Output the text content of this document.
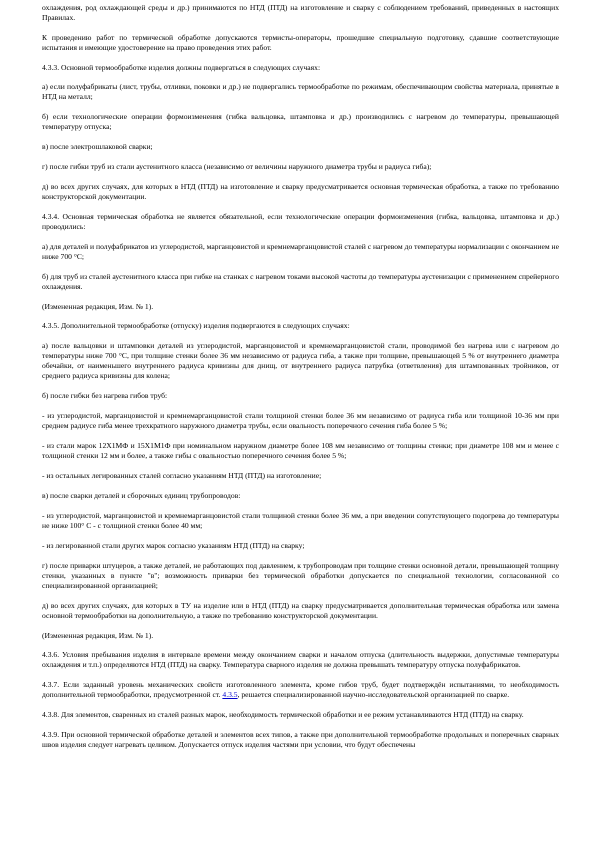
охлаждения, род охлаждающей среды и др.) принимаются по НТД (ПТД) на изготовление и сварку с соблюдением требований, приведенных в настоящих Правилах.

К проведению работ по термической обработке допускаются термисты-операторы, прошедшие специальную подготовку, сдавшие соответствующие испытания и имеющие удостоверение на право проведения этих работ.

4.3.3. Основной термообработке изделия должны подвергаться в следующих случаях:

а) если полуфабрикаты (лист, трубы, отливки, поковки и др.) не подвергались термообработке по режимам, обеспечивающим свойства материала, принятые в НТД на металл;

б) если технологические операции формоизменения (гибка вальцовка, штамповка и др.) производились с нагревом до температуры, превышающей температуру отпуска;

в) после электрошлаковой сварки;

г) после гибки труб из стали аустенитного класса (независимо от величины наружного диаметра трубы и радиуса гиба);

д) во всех других случаях, для которых в НТД (ПТД) на изготовление и сварку предусматривается основная термическая обработка, а также по требованию конструкторской документации.

4.3.4. Основная термическая обработка не является обязательной, если технологические операции формоизменения (гибка, вальцовка, штамповка и др.) проводились:

а) для деталей и полуфабрикатов из углеродистой, марганцовистой и кремнемарганцовистой сталей с нагревом до температуры нормализации с окончанием не ниже 700 °С;

б) для труб из сталей аустенитного класса при гибке на станках с нагревом токами высокой частоты до температуры аустенизации с применением спрейерного охлаждения.

(Измененная редакция, Изм. № 1).

4.3.5. Дополнительной термообработке (отпуску) изделия подвергаются в следующих случаях:

а) после вальцовки и штамповки деталей из углеродистой, марганцовистой и кремнемарганцовистой стали, проводимой без нагрева или с нагревом до температуры ниже 700 °С, при толщине стенки более 36 мм независимо от радиуса гиба, а также при толщине, превышающей 5 % от внутреннего диаметра обечайки, от наименьшего внутреннего радиуса кривизны для днищ, от внутреннего радиуса патрубка (ответвления) для штампованных тройников, от среднего радиуса кривизны для колена;

б) после гибки без нагрева гибов труб:

- из углеродистой, марганцовистой и кремнемарганцовистой стали толщиной стенки более 36 мм независимо от радиуса гиба или толщиной 10-36 мм при среднем радиусе гиба менее трехкратного наружного диаметра трубы, если овальность поперечного сечения гиба более 5 %;

- из стали марок 12Х1МФ и 15Х1М1Ф при номинальном наружном диаметре более 108 мм независимо от толщины стенки; при диаметре 108 мм и менее с толщиной стенки 12 мм и более, а также гибы с овальностью поперечного сечения более 5 %;

- из остальных легированных сталей согласно указаниям НТД (ПТД) на изготовление;

в) после сварки деталей и сборочных единиц трубопроводов:

- из углеродистой, марганцовистой и кремнемарганцовистой стали толщиной стенки более 36 мм, а при введении сопутствующего подогрева до температуры не ниже 100° С - с толщиной стенки более 40 мм;

- из легированной стали других марок согласно указаниям НТД (ПТД) на сварку;

г) после приварки штуцеров, а также деталей, не работающих под давлением, к трубопроводам при толщине стенки основной детали, превышающей толщину стенки, указанных в пункте "в"; возможность приварки без термической обработки допускается по специальной технологии, согласованной со специализированной организацией;

д) во всех других случаях, для которых в ТУ на изделие или в НТД (ПТД) на сварку предусматривается дополнительная термическая обработка или замена основной термообработки на дополнительную, а также по требованию конструкторской документации.

(Измененная редакция, Изм. № 1).

4.3.6. Условия пребывания изделия в интервале времени между окончанием сварки и началом отпуска (длительность выдержки, допустимые температуры охлаждения и т.п.) определяются НТД (ПТД) на сварку. Температура сварного изделия не должна превышать температуру отпуска полуфабрикатов.

4.3.7. Если заданный уровень механических свойств изготовленного элемента, кроме гибов труб, будет подтверждён испытаниями, то необходимость дополнительной термообработки, предусмотренной ст. 4.3.5, решается специализированной научно-исследовательской организацией по сварке.

4.3.8. Для элементов, сваренных из сталей разных марок, необходимость термической обработки и ее режим устанавливаются НТД (ПТД) на сварку.

4.3.9. При основной термической обработке деталей и элементов всех типов, а также при дополнительной термообработке продольных и поперечных сварных швов изделия следует нагревать целиком. Допускается отпуск изделия частями при условии, что будут обеспечены
